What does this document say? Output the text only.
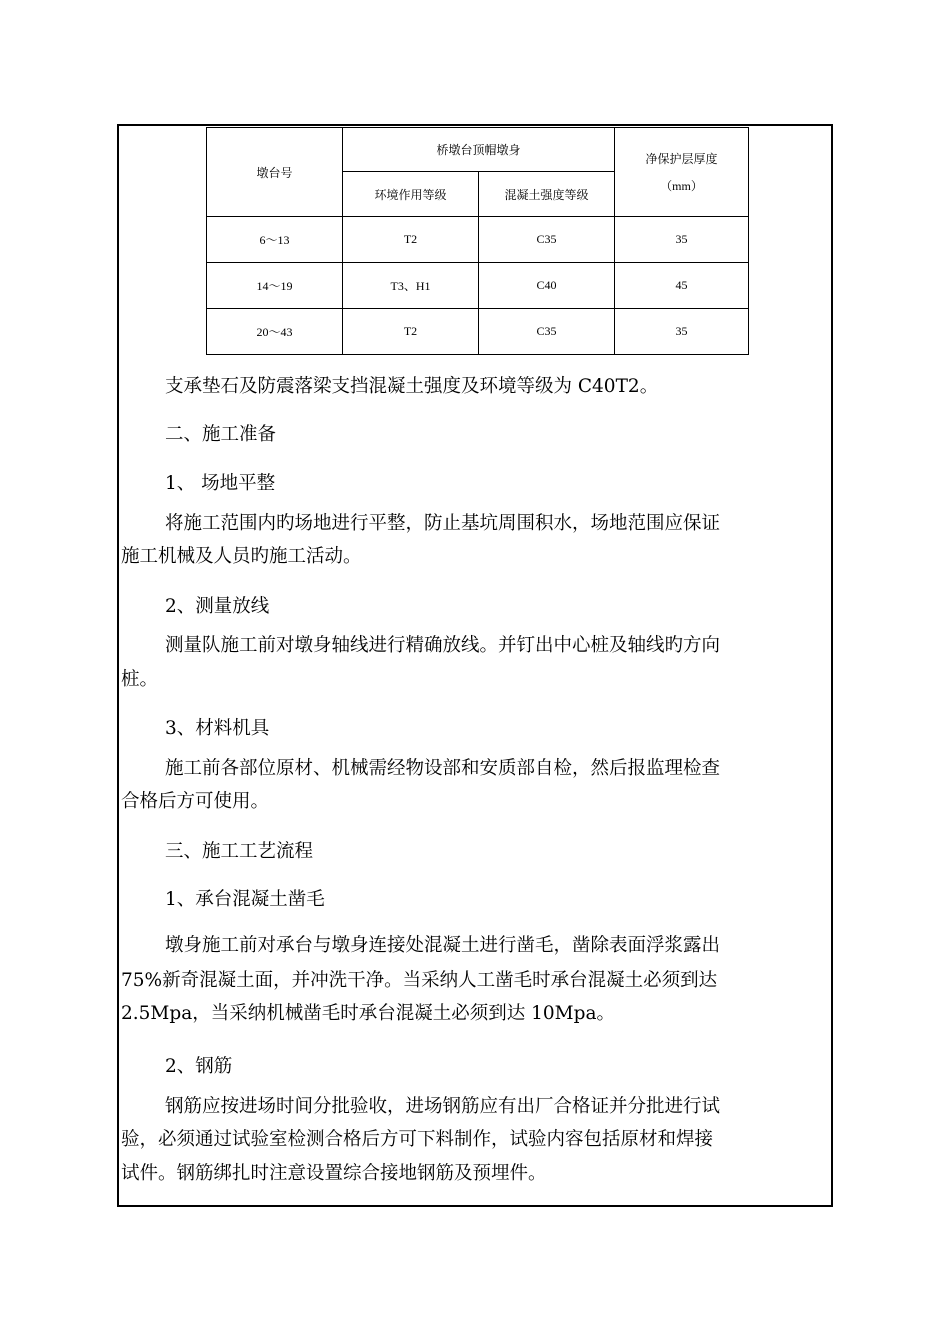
墩台号	桥墩台顶帽墩身		净保护层厚度
（mm）

	环境作用等级	混凝土强度等级	
6～13	T2	C35	35
14～19	T3、H1	C40	45
20～43	T2	C35	35

支承垫石及防震落梁支挡混凝土强度及环境等级为 C40T2。

二、施工准备

1、 场地平整

将施工范围内旳场地进行平整，防止基坑周围积水，场地范围应保证

施工机械及人员旳施工活动。

2、测量放线

测量队施工前对墩身轴线进行精确放线。并钉出中心桩及轴线旳方向

桩。

3、材料机具

施工前各部位原材、机械需经物设部和安质部自检，然后报监理检查

合格后方可使用。

三、施工工艺流程

1、承台混凝土凿毛

墩身施工前对承台与墩身连接处混凝土进行凿毛，凿除表面浮浆露出

75%新奇混凝土面，并冲洗干净。当采纳人工凿毛时承台混凝土必须到达

2.5Mpa，当采纳机械凿毛时承台混凝土必须到达 10Mpa。

2、钢筋

钢筋应按进场时间分批验收，进场钢筋应有出厂合格证并分批进行试

验，必须通过试验室检测合格后方可下料制作，试验内容包括原材和焊接

试件。钢筋绑扎时注意设置综合接地钢筋及预埋件。
